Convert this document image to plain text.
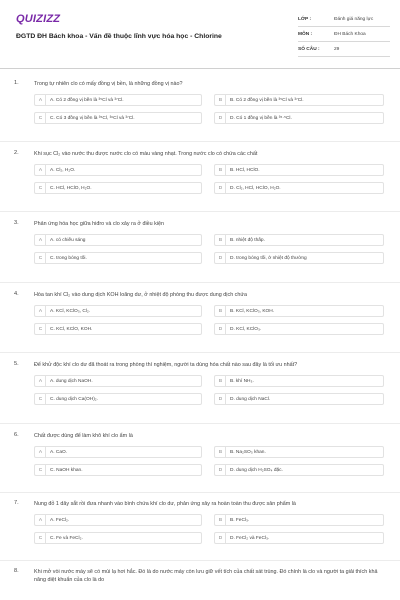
QUIZIZZ
ĐGTD ĐH Bách khoa - Vấn đề thuộc lĩnh vực hóa học - Chlorine
LỚP :	Đánh giá năng lực
MÔN :	ĐH Bách Khoa
SỐ CÂU :	29
1.	Trong tự nhiên clo có mấy đồng vị bền, là những đồng vị nào?
A	A. Có 2 đồng vị bền là ³⁵Cl và ³⁷Cl.	B	B. Có 2 đồng vị bền là ³⁵Cl và ³⁷Cl.
C	C. Có 3 đồng vị bền là ³⁵Cl, ³⁶Cl và ³⁷Cl.	D	D. Có 1 đồng vị bền là ³⁵·⁵Cl.
2.	Khi sục Cl₂ vào nước thu được nước clo có màu vàng nhạt. Trong nước clo có chứa các chất
A	A. Cl₂, H₂O.	B	B. HCl, HClO.
C	C. HCl, HClO, H₂O.	D	D. Cl₂, HCl, HClO, H₂O.
3.	Phản ứng hóa học giữa hiđro và clo xảy ra ở điều kiện
A	A. có chiếu sáng	B	B. nhiệt độ thấp.
C	C. trong bóng tối.	D	D. trong bóng tối, ở nhiệt độ thường
4.	Hòa tan khí Cl₂ vào dung dịch KOH loãng dư, ở nhiệt độ phòng thu được dung dịch chứa
A	A. KCl, KClO₃, Cl₂.	B	B. KCl, KClO₃, KOH.
C	C. KCl, KClO, KOH.	D	D. KCl, KClO₃.
5.	Để khử độc khí clo dư đã thoát ra trong phòng thí nghiệm, người ta dùng hóa chất nào sau đây là tối ưu nhất?
A	A. dung dịch NaOH.	B	B. khí NH₃.
C	C. dung dịch Ca(OH)₂.	D	D. dung dịch NaCl.
6.	Chất được dùng để làm khô khí clo ẩm là
A	A. CaO.	B	B. Na₂SO₃ khan.
C	C. NaOH khan.	D	D. dung dịch H₂SO₄ đặc.
7.	Nung đỏ 1 dây sắt rồi đưa nhanh vào bình chứa khí clo dư, phản ứng xảy ra hoàn toàn thu được sản phẩm là
A	A. FeCl₂.	B	B. FeCl₃.
C	C. Fe và FeCl₂.	D	D. FeCl₂ và FeCl₃.
8.	Khi mở vòi nước máy sẽ có mùi lạ hơi hắc. Đó là do nước máy còn lưu giữ vết tích của chất sát trùng. Đó chính là clo và người ta giải thích khả năng diệt khuẩn của clo là do
